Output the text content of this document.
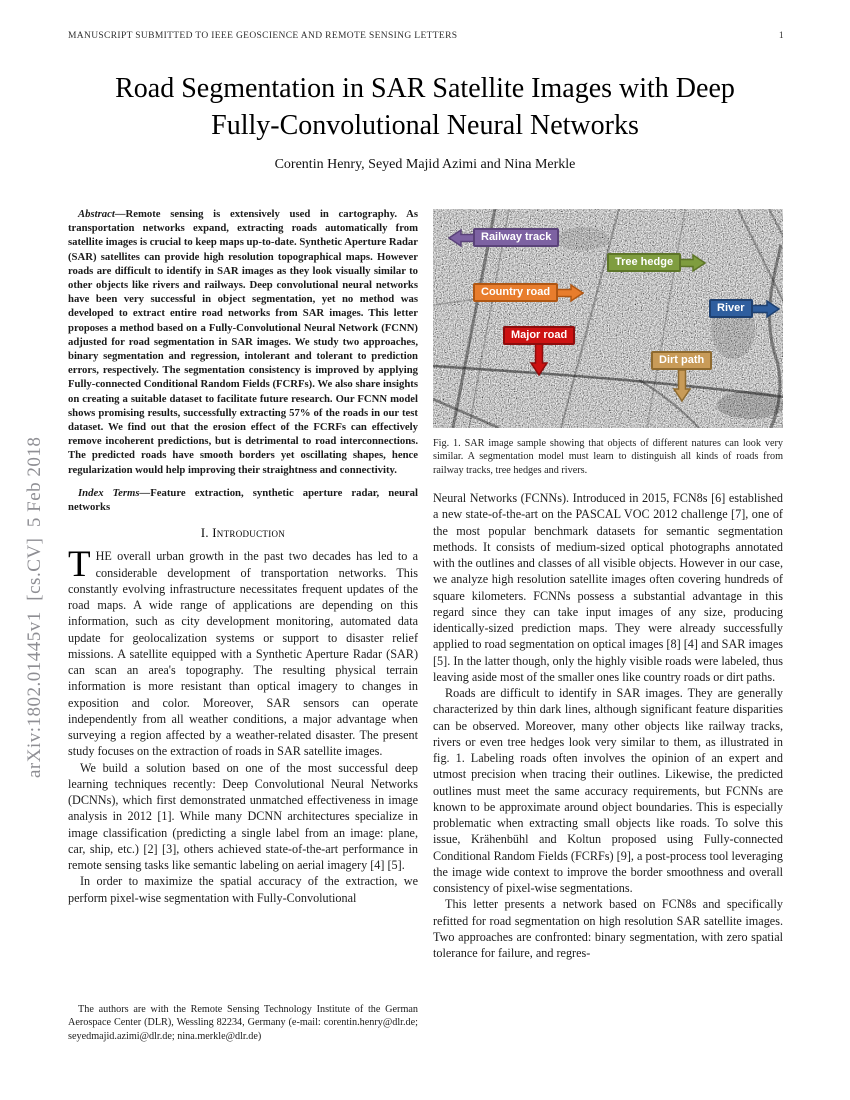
MANUSCRIPT SUBMITTED TO IEEE GEOSCIENCE AND REMOTE SENSING LETTERS	1
arXiv:1802.01445v1  [cs.CV]  5 Feb 2018
Road Segmentation in SAR Satellite Images with Deep Fully-Convolutional Neural Networks
Corentin Henry, Seyed Majid Azimi and Nina Merkle

Abstract—Remote sensing is extensively used in cartography. As transportation networks expand, extracting roads automatically from satellite images is crucial to keep maps up-to-date. Synthetic Aperture Radar (SAR) satellites can provide high resolution topographical maps. However roads are difficult to identify in SAR images as they look visually similar to other objects like rivers and railways. Deep convolutional neural networks have been very successful in object segmentation, yet no method was developed to extract entire road networks from SAR images. This letter proposes a method based on a Fully-Convolutional Neural Network (FCNN) adjusted for road segmentation in SAR images. We study two approaches, binary segmentation and regression, intolerant and tolerant to prediction errors, respectively. The segmentation consistency is improved by applying Fully-connected Conditional Random Fields (FCRFs). We also share insights on creating a suitable dataset to facilitate future research. Our FCNN model shows promising results, successfully extracting 57% of the roads in our test dataset. We find out that the erosion effect of the FCRFs can effectively remove incoherent predictions, but is detrimental to road interconnections. The predicted roads have smooth borders yet oscillating shapes, hence regularization would help improving their straightness and connectivity.

Index Terms—Feature extraction, synthetic aperture radar, neural networks

I. Introduction

THE overall urban growth in the past two decades has led to a considerable development of transportation networks. This constantly evolving infrastructure necessitates frequent updates of the road maps. A wide range of applications are depending on this information, such as city development monitoring, automated data update for geolocalization systems or support to disaster relief missions. A satellite equipped with a Synthetic Aperture Radar (SAR) can scan an area's topography. The resulting physical terrain information is more resistant than optical imagery to changes in exposition and color. Moreover, SAR sensors can operate independently from all weather conditions, a major advantage when surveying a region affected by a weather-related disaster. The present study focuses on the extraction of roads in SAR satellite images.

We build a solution based on one of the most successful deep learning techniques recently: Deep Convolutional Neural Networks (DCNNs), which first demonstrated unmatched effectiveness in image analysis in 2012 [1]. While many DCNN architectures specialize in image classification (predicting a single label from an image: plane, car, ship, etc.) [2] [3], others achieved state-of-the-art performance in remote sensing tasks like semantic labeling on aerial imagery [4] [5].

In order to maximize the spatial accuracy of the extraction, we perform pixel-wise segmentation with Fully-Convolutional

The authors are with the Remote Sensing Technology Institute of the German Aerospace Center (DLR), Wessling 82234, Germany (e-mail: corentin.henry@dlr.de; seyedmajid.azimi@dlr.de; nina.merkle@dlr.de)
Railway track
Tree hedge
Country road
River
Major road
Dirt path

Fig. 1. SAR image sample showing that objects of different natures can look very similar. A segmentation model must learn to distinguish all kinds of roads from railway tracks, tree hedges and rivers.

Neural Networks (FCNNs). Introduced in 2015, FCN8s [6] established a new state-of-the-art on the PASCAL VOC 2012 challenge [7], one of the most popular benchmark datasets for semantic segmentation methods. It consists of medium-sized optical photographs annotated with the outlines and classes of all visible objects. However in our case, we analyze high resolution satellite images often covering hundreds of square kilometers. FCNNs possess a substantial advantage in this regard since they can take input images of any size, producing identically-sized prediction maps. They were already successfully applied to road segmentation on optical images [8] [4] and SAR images [5]. In the latter though, only the highly visible roads were labeled, thus leaving aside most of the smaller ones like country roads or dirt paths.

Roads are difficult to identify in SAR images. They are generally characterized by thin dark lines, although significant feature disparities can be observed. Moreover, many other objects like railway tracks, rivers or even tree hedges look very similar to them, as illustrated in fig. 1. Labeling roads often involves the opinion of an expert and utmost precision when tracing their outlines. Likewise, the predicted outlines must meet the same accuracy requirements, but FCNNs are known to be approximate around object boundaries. This is especially problematic when extracting small objects like roads. To solve this issue, Krähenbühl and Koltun proposed using Fully-connected Conditional Random Fields (FCRFs) [9], a post-process tool leveraging the image wide context to improve the border smoothness and overall consistency of pixel-wise segmentations.

This letter presents a network based on FCN8s and specifically refitted for road segmentation on high resolution SAR satellite images. Two approaches are confronted: binary segmentation, with zero spatial tolerance for failure, and regres-
